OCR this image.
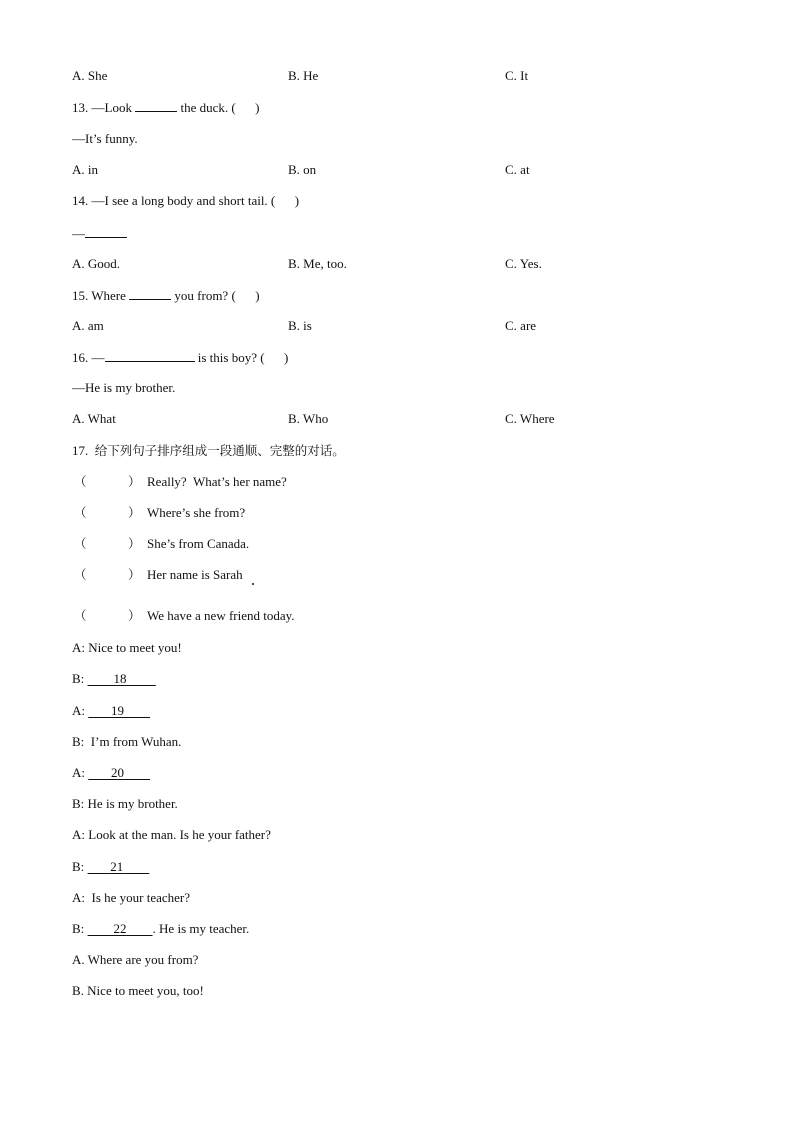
A. She	B. He	C. It
13. —Look	the duck. (      )
—It’s funny.
A. in	B. on	C. at
14. —I see a long body and short tail. (      )
—
A. Good.	B. Me, too.	C. Yes.
15. Where	you from? (      )
A. am	B. is	C. are
16. —	is this boy? (      )
—He is my brother.
A. What	B. Who	C. Where
17. 给下列句子排序组成一段通顺、完整的对话。
（	） Really?  What’s her name?
（	） Where’s she from?
（	） She’s from Canada.
（	） Her name is Sarah
（	） We have a new friend today.
A: Nice to meet you!
B: 18
A: 19
B: I’m from Wuhan.
A: 20
B: He is my brother.
A: Look at the man. Is he your father?
B: 21
A: Is he your teacher?
B: 22 . He is my teacher.
A. Where are you from?
B. Nice to meet you, too!
